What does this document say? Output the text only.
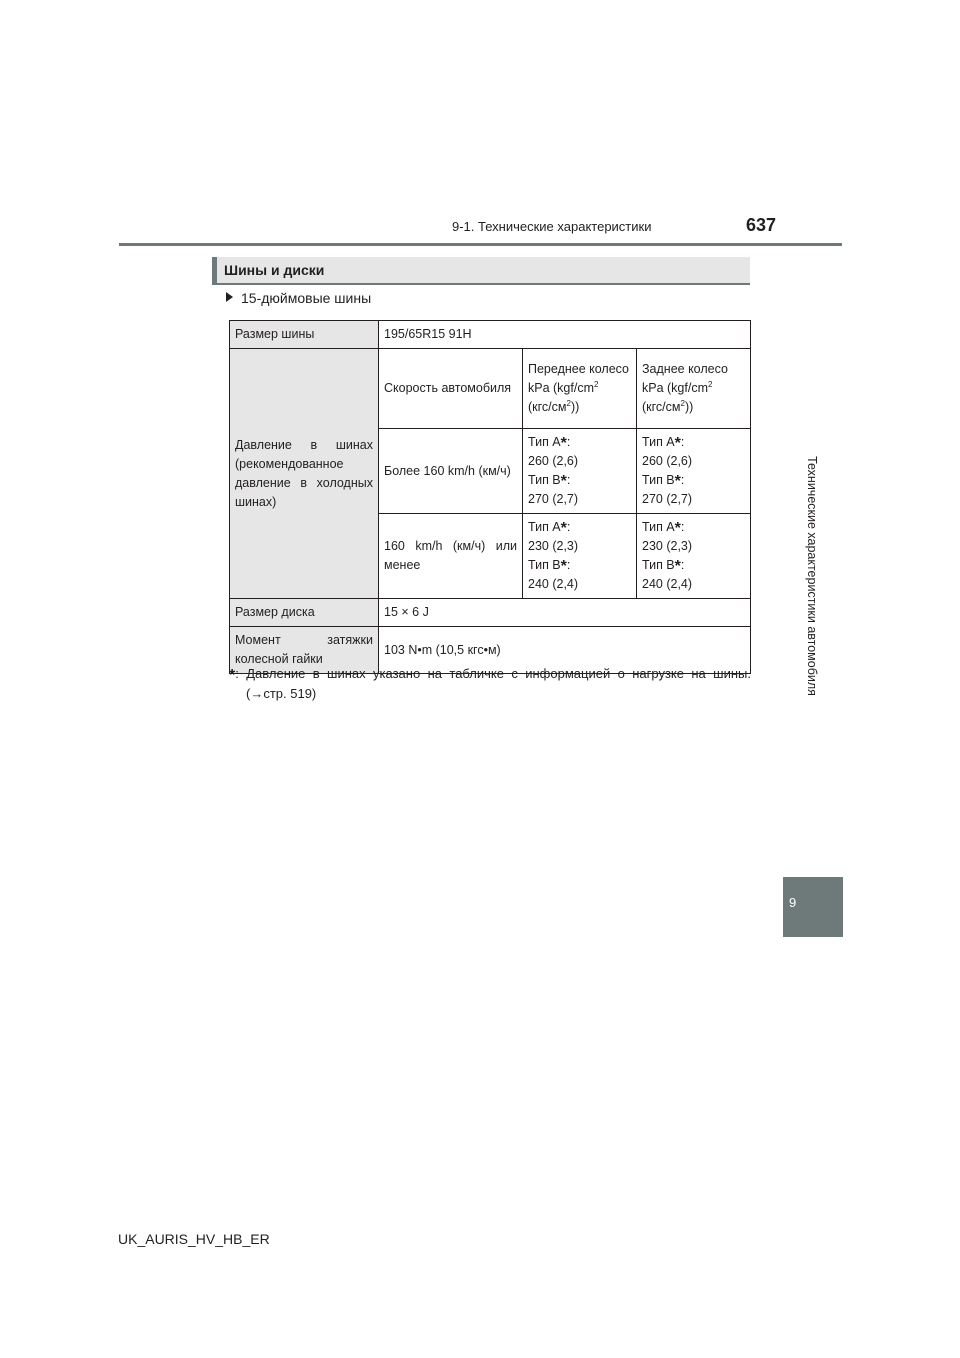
9-1. Технические характеристики	637
Технические характеристики автомобиля
9
Шины и диски
15-дюймовые шины
Размер шины	195/65R15 91H		
Давление в шинах (рекомендованное давление в холодных шинах)	Скорость автомобиля	Переднее колесо
kPa ($kgf/cm^2$
$(кгс/см^2)$)	Заднее колесо
kPa ($kgf/cm^2$
$(кгс/см^2)$)
	Более 160 km/h (км/ч)	Тип A*:
260 (2,6)
Тип B*:
270 (2,7)	Тип A*:
260 (2,6)
Тип B*:
270 (2,7)
	160 km/h (км/ч) или менее	Тип A*:
230 (2,3)
Тип B*:
240 (2,4)	Тип A*:
230 (2,3)
Тип B*:
240 (2,4)
Размер диска	15 × 6 J		
Момент затяжки колесной гайки	103 N•m (10,5 кгс•м)		
*: Давление в шинах указано на табличке с информацией о нагрузке на шины.
(→стр. 519)
UK_AURIS_HV_HB_ER
